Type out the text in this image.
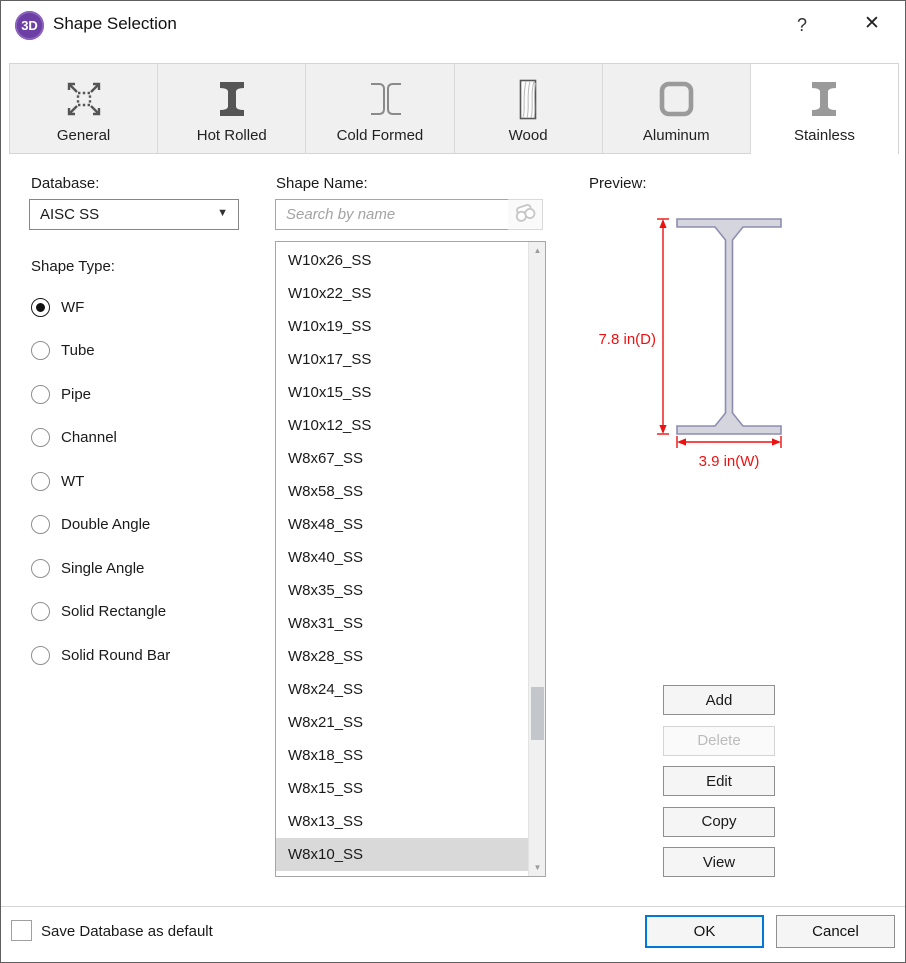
3D Shape Selection	?	✕
General	Hot Rolled	Cold Formed	Wood	Aluminum	Stainless
Database:
AISC SS	▼
Shape Type:
WF
Tube
Pipe
Channel
WT
Double Angle
Single Angle
Solid Rectangle
Solid Round Bar
Shape Name:
Search by name
W10x26_SS
W10x22_SS
W10x19_SS
W10x17_SS
W10x15_SS
W10x12_SS
W8x67_SS
W8x58_SS
W8x48_SS
W8x40_SS
W8x35_SS
W8x31_SS
W8x28_SS
W8x24_SS
W8x21_SS
W8x18_SS
W8x15_SS
W8x13_SS
W8x10_SS
▲
▼
Preview:
7.8 in(D)
3.9 in(W)
Add
Delete
Edit
Copy
View
Save Database as default	OK	Cancel
